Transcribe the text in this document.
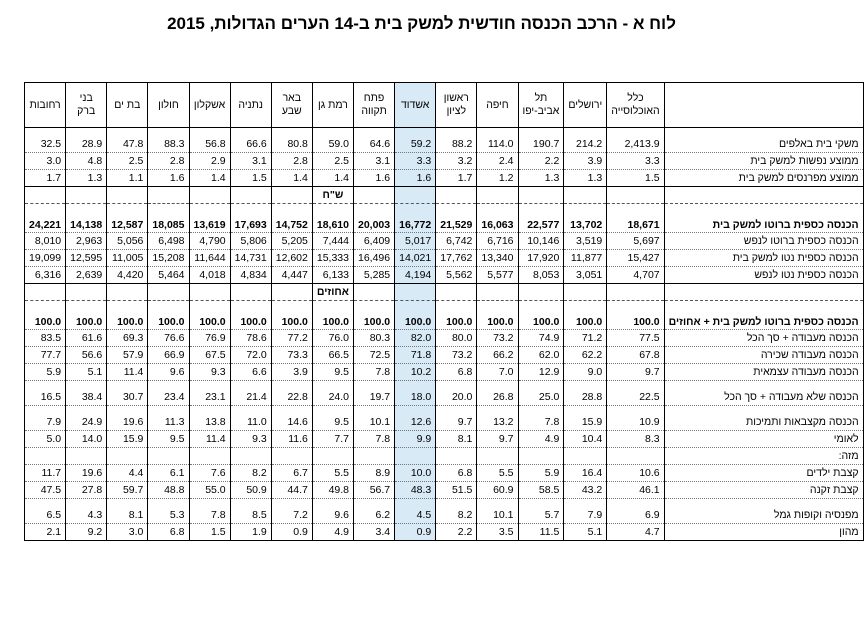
לוח א - הרכב הכנסה חודשית למשק בית ב-14 הערים הגדולות, 2015
	כלל האוכלוסייה	ירושלים	תל אביב-יפו	חיפה	ראשון לציון	אשדוד	פתח תקווה	רמת גן	באר שבע	נתניה	אשקלון	חולון	בת ים	בני ברק	רחובות

משקי בית באלפים	2,413.9	214.2	190.7	114.0	88.2	59.2	64.6	59.0	80.8	66.6	56.8	88.3	47.8	28.9	32.5
ממוצע נפשות למשק בית	3.3	3.9	2.2	2.4	3.2	3.3	3.1	2.5	2.8	3.1	2.9	2.8	2.5	4.8	3.0
ממוצע מפרנסים למשק בית	1.5	1.3	1.3	1.2	1.7	1.6	1.6	1.4	1.4	1.5	1.4	1.6	1.1	1.3	1.7
								ש"ח							
הכנסה כספית ברוטו למשק בית	18,671	13,702	22,577	16,063	21,529	16,772	20,003	18,610	14,752	17,693	13,619	18,085	12,587	14,138	24,221
הכנסה כספית ברוטו לנפש	5,697	3,519	10,146	6,716	6,742	5,017	6,409	7,444	5,205	5,806	4,790	6,498	5,056	2,963	8,010
הכנסה כספית נטו למשק בית	15,427	11,877	17,920	13,340	17,762	14,021	16,496	15,333	12,602	14,731	11,644	15,208	11,005	12,595	19,099
הכנסה כספית נטו לנפש	4,707	3,051	8,053	5,577	5,562	4,194	5,285	6,133	4,447	4,834	4,018	5,464	4,420	2,639	6,316
								אחוזים							
הכנסה כספית ברוטו למשק בית + אחוזים	100.0	100.0	100.0	100.0	100.0	100.0	100.0	100.0	100.0	100.0	100.0	100.0	100.0	100.0	100.0
הכנסה מעבודה + סך הכל	77.5	71.2	74.9	73.2	80.0	82.0	80.3	76.0	77.2	78.6	76.9	76.6	69.3	61.6	83.5
הכנסה מעבודה שכירה	67.8	62.2	62.0	66.2	73.2	71.8	72.5	66.5	73.3	72.0	67.5	66.9	57.9	56.6	77.7
הכנסה מעבודה עצמאית	9.7	9.0	12.9	7.0	6.8	10.2	7.8	9.5	3.9	6.6	9.3	9.6	11.4	5.1	5.9

הכנסה שלא מעבודה + סך הכל	22.5	28.8	25.0	26.8	20.0	18.0	19.7	24.0	22.8	21.4	23.1	23.4	30.7	38.4	16.5

הכנסה מקצבאות ותמיכות	10.9	15.9	7.8	13.2	9.7	12.6	10.1	9.5	14.6	11.0	13.8	11.3	19.6	24.9	7.9
לאומי	8.3	10.4	4.9	9.7	8.1	9.9	7.8	7.7	11.6	9.3	11.4	9.5	15.9	14.0	5.0
מזה:															
קצבת ילדים	10.6	16.4	5.9	5.5	6.8	10.0	8.9	5.5	6.7	8.2	7.6	6.1	4.4	19.6	11.7
קצבת זקנה	46.1	43.2	58.5	60.9	51.5	48.3	56.7	49.8	44.7	50.9	55.0	48.8	59.7	27.8	47.5

מפנסיה וקופות גמל	6.9	7.9	5.7	10.1	8.2	4.5	6.2	9.6	7.2	8.5	7.8	5.3	8.1	4.3	6.5
מהון	4.7	5.1	11.5	3.5	2.2	0.9	3.4	4.9	0.9	1.9	1.5	6.8	3.0	9.2	2.1
